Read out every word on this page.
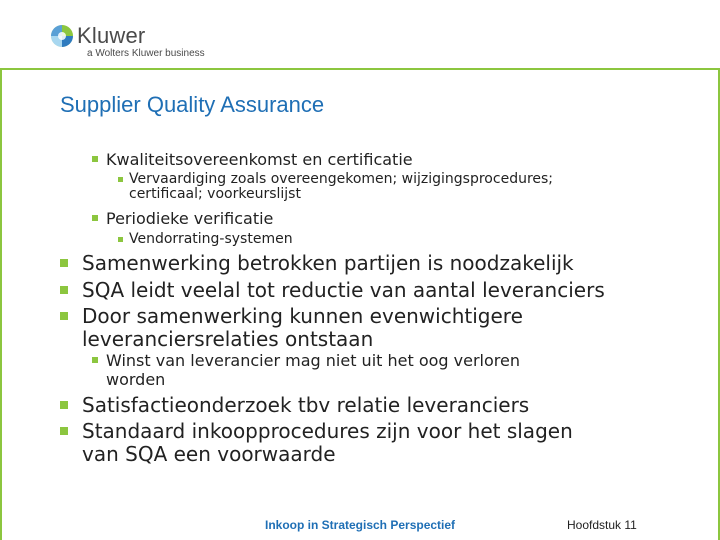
Kluwer
a Wolters Kluwer business
Supplier Quality Assurance
Kwaliteitsovereenkomst en certificatie
Vervaardiging zoals overeengekomen; wijzigingsprocedures;
certificaal; voorkeurslijst
Periodieke verificatie
Vendorrating-systemen
Samenwerking betrokken partijen is noodzakelijk
SQA leidt veelal tot reductie van aantal leveranciers
Door samenwerking kunnen evenwichtigere
leveranciersrelaties ontstaan
Winst van leverancier mag niet uit het oog verloren
worden
Satisfactieonderzoek tbv relatie leveranciers
Standaard inkoopprocedures zijn voor het slagen
van SQA een voorwaarde
Inkoop in Strategisch Perspectief	Hoofdstuk 11
